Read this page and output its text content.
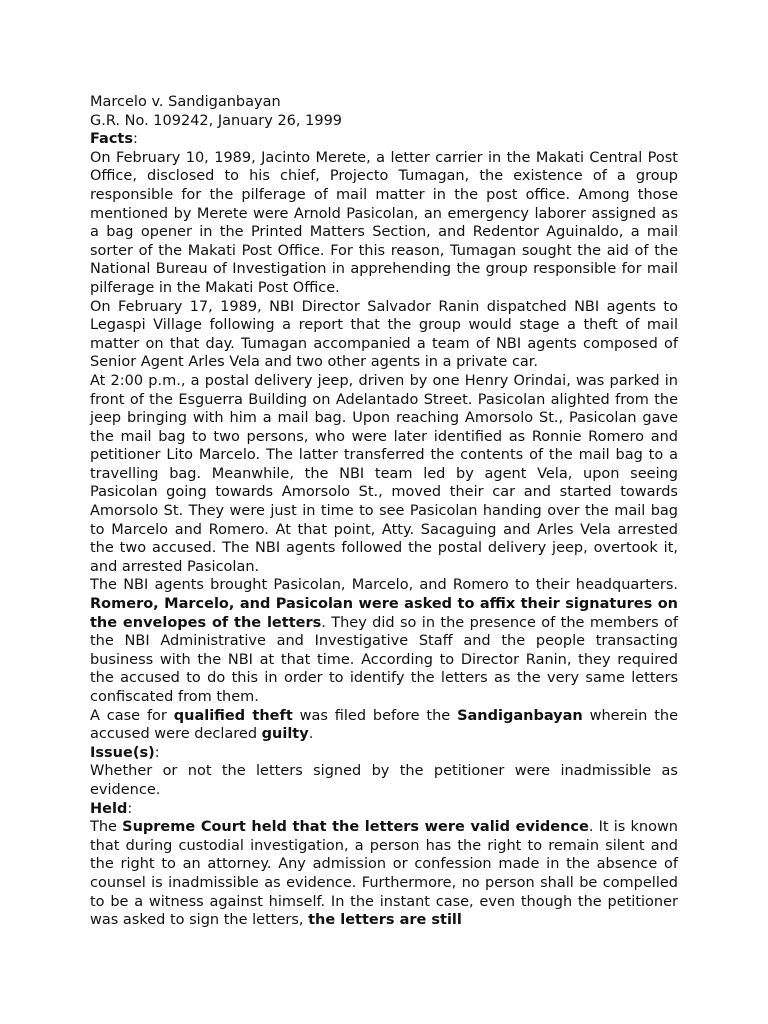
Marcelo v. Sandiganbayan

G.R. No. 109242, January 26, 1999

Facts:

On February 10, 1989, Jacinto Merete, a letter carrier in the Makati Central Post Office, disclosed to his chief, Projecto Tumagan, the existence of a group responsible for the pilferage of mail matter in the post office. Among those mentioned by Merete were Arnold Pasicolan, an emergency laborer assigned as a bag opener in the Printed Matters Section, and Redentor Aguinaldo, a mail sorter of the Makati Post Office. For this reason, Tumagan sought the aid of the National Bureau of Investigation in apprehending the group responsible for mail pilferage in the Makati Post Office.

On February 17, 1989, NBI Director Salvador Ranin dispatched NBI agents to Legaspi Village following a report that the group would stage a theft of mail matter on that day. Tumagan accompanied a team of NBI agents composed of Senior Agent Arles Vela and two other agents in a private car.

At 2:00 p.m., a postal delivery jeep, driven by one Henry Orindai, was parked in front of the Esguerra Building on Adelantado Street. Pasicolan alighted from the jeep bringing with him a mail bag. Upon reaching Amorsolo St., Pasicolan gave the mail bag to two persons, who were later identified as Ronnie Romero and petitioner Lito Marcelo. The latter transferred the contents of the mail bag to a travelling bag. Meanwhile, the NBI team led by agent Vela, upon seeing Pasicolan going towards Amorsolo St., moved their car and started towards Amorsolo St. They were just in time to see Pasicolan handing over the mail bag to Marcelo and Romero. At that point, Atty. Sacaguing and Arles Vela arrested the two accused. The NBI agents followed the postal delivery jeep, overtook it, and arrested Pasicolan.

The NBI agents brought Pasicolan, Marcelo, and Romero to their headquarters. Romero, Marcelo, and Pasicolan were asked to affix their signatures on the envelopes of the letters. They did so in the presence of the members of the NBI Administrative and Investigative Staff and the people transacting business with the NBI at that time. According to Director Ranin, they required the accused to do this in order to identify the letters as the very same letters confiscated from them.

A case for qualified theft was filed before the Sandiganbayan wherein the accused were declared guilty.

Issue(s):

Whether or not the letters signed by the petitioner were inadmissible as evidence.

Held:

The Supreme Court held that the letters were valid evidence. It is known that during custodial investigation, a person has the right to remain silent and the right to an attorney. Any admission or confession made in the absence of counsel is inadmissible as evidence. Furthermore, no person shall be compelled to be a witness against himself. In the instant case, even though the petitioner was asked to sign the letters, the letters are still
